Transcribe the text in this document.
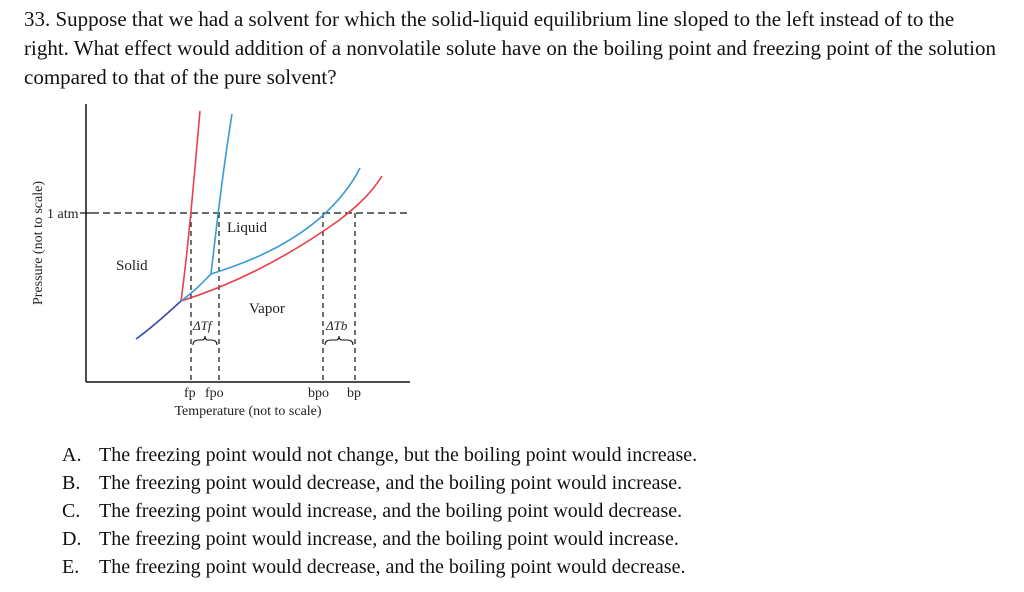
33. Suppose that we had a solvent for which the solid-liquid equilibrium line sloped to the left instead of to the right. What effect would addition of a nonvolatile solute have on the boiling point and freezing point of the solution compared to that of the pure solvent?

Pressure (not to scale) 1 atm
Solid
Liquid
Vapor
ΔTf	ΔTb
fp fpo	bpo bp
Temperature (not to scale)
A. The freezing point would not change, but the boiling point would increase.
B. The freezing point would decrease, and the boiling point would increase.
C. The freezing point would increase, and the boiling point would decrease.
D. The freezing point would increase, and the boiling point would increase.
E. The freezing point would decrease, and the boiling point would decrease.
